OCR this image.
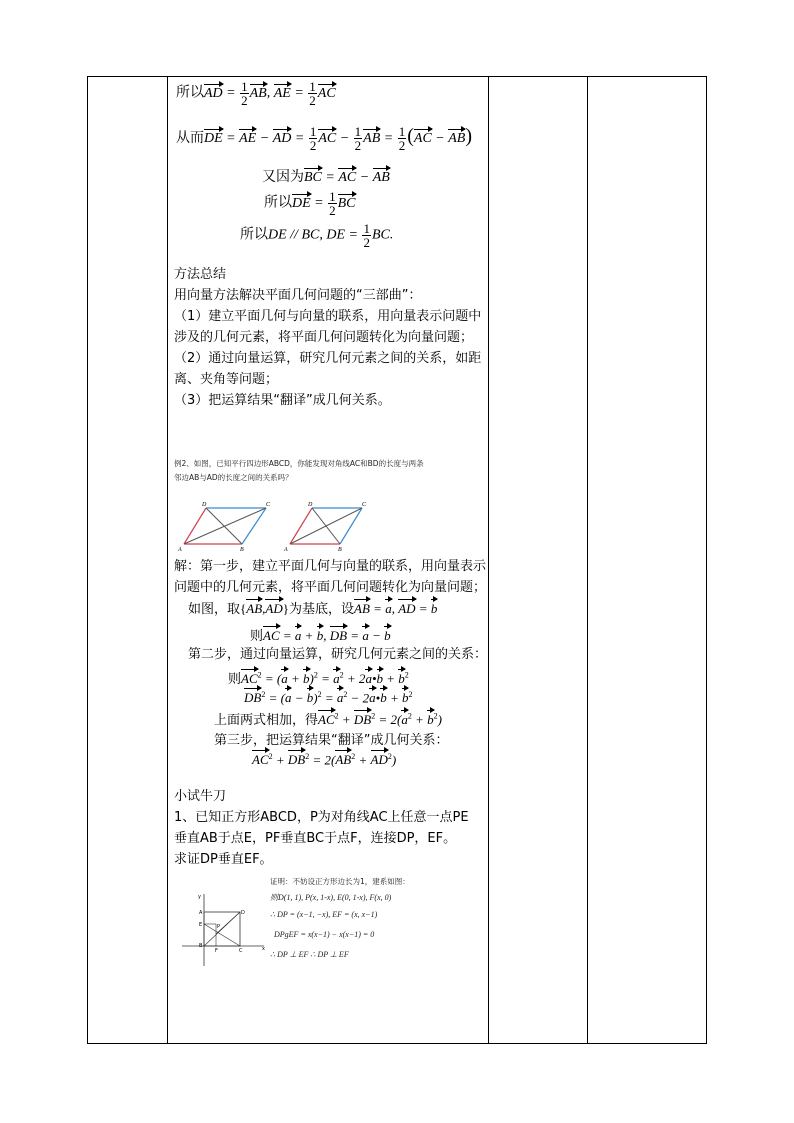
所以AD = $\frac{1}{2}$ AB, AE = $\frac{1}{2}$ AC
从而DE = AE − AD = $\frac{1}{2}$ AC − $\frac{1}{2}$ AB = $\frac{1}{2} (AC - AB)$
又因为BC = AC − AB
所以DE = $\frac{1}{2}$ BC
所以DE // BC, DE = $\frac{1}{2}$ BC.
方法总结
用向量方法解决平面几何问题的“三部曲”：
（1）建立平面几何与向量的联系，用向量表示问题中涉及的几何元素，将平面几何问题转化为向量问题；
（2）通过向量运算，研究几何元素之间的关系，如距离、夹角等问题；
（3）把运算结果“翻译”成几何关系。
例2、如图，已知平行四边形ABCD，你能发现对角线AC和BD的长度与两条
邻边AB与AD的长度之间的关系吗？
A	B
C
D
A	B
C
D
解：第一步，建立平面几何与向量的联系，用向量表示
问题中的几何元素，将平面几何问题转化为向量问题；
如图，取{AB,AD}为基底，设AB = a, AD = b
则AC = a + b, DB = a − b
第二步，通过向量运算，研究几何元素之间的关系：
则$AC^2 = (a + b)^2 = a^2$ + 2a•b + $b^2$
$DB^2 = (a - b)^2 = a^2$ − 2a•b + $b^2$
上面两式相加，得$AC^2 + DB^2 = 2(a^2 + b^2)$
第三步，把运算结果“翻译”成几何关系：
$AC^2 + DB^2 = 2(AB^2 + AD^2)$
小试牛刀
1、已知正方形ABCD，P为对角线AC上任意一点PE
垂直AB于点E，PF垂直BC于点F，连接DP，EF。
求证DP垂直EF。
y
A	D
E	P
B
F	C	x
证明：不妨设正方形边长为1，建系如图：
则D(1, 1), P(x, 1-x), E(0, 1-x), F(x, 0)
∴ DP = (x−1, −x), EF = (x, x−1)
DPgEF = x(x−1) − x(x−1) = 0
∴ DP ⊥ EF ∴ DP ⊥ EF
